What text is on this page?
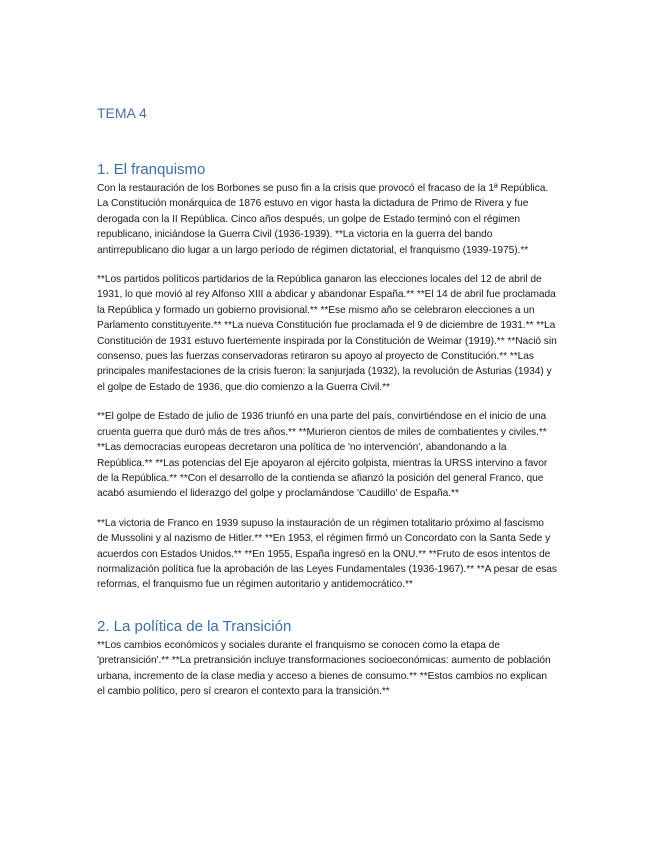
TEMA 4
1. El franquismo

Con la restauración de los Borbones se puso fin a la crisis que provocó el fracaso de la 1ª República. La Constitución monárquica de 1876 estuvo en vigor hasta la dictadura de Primo de Rivera y fue derogada con la II República. Cinco años después, un golpe de Estado terminó con el régimen republicano, iniciándose la Guerra Civil (1936-1939). **La victoria en la guerra del bando antirrepublicano dio lugar a un largo período de régimen dictatorial, el franquismo (1939-1975).**

**Los partidos políticos partidarios de la República ganaron las elecciones locales del 12 de abril de 1931, lo que movió al rey Alfonso XIII a abdicar y abandonar España.** **El 14 de abril fue proclamada la República y formado un gobierno provisional.** **Ese mismo año se celebraron elecciones a un Parlamento constituyente.** **La nueva Constitución fue proclamada el 9 de diciembre de 1931.** **La Constitución de 1931 estuvo fuertemente inspirada por la Constitución de Weimar (1919).** **Nació sin consenso, pues las fuerzas conservadoras retiraron su apoyo al proyecto de Constitución.** **Las principales manifestaciones de la crisis fueron: la sanjurjada (1932), la revolución de Asturias (1934) y el golpe de Estado de 1936, que dio comienzo a la Guerra Civil.**

**El golpe de Estado de julio de 1936 triunfó en una parte del país, convirtiéndose en el inicio de una cruenta guerra que duró más de tres años.** **Murieron cientos de miles de combatientes y civiles.** **Las democracias europeas decretaron una política de 'no intervención', abandonando a la República.** **Las potencias del Eje apoyaron al ejército golpista, mientras la URSS intervino a favor de la República.** **Con el desarrollo de la contienda se afianzó la posición del general Franco, que acabó asumiendo el liderazgo del golpe y proclamándose 'Caudillo' de España.**

**La victoria de Franco en 1939 supuso la instauración de un régimen totalitario próximo al fascismo de Mussolini y al nazismo de Hitler.** **En 1953, el régimen firmó un Concordato con la Santa Sede y acuerdos con Estados Unidos.** **En 1955, España ingresó en la ONU.** **Fruto de esos intentos de normalización política fue la aprobación de las Leyes Fundamentales (1936-1967).** **A pesar de esas reformas, el franquismo fue un régimen autoritario y antidemocrático.**

2. La política de la Transición

**Los cambios económicos y sociales durante el franquismo se conocen como la etapa de 'pretransición'.** **La pretransición incluye transformaciones socioeconómicas: aumento de población urbana, incremento de la clase media y acceso a bienes de consumo.** **Estos cambios no explican el cambio político, pero sí crearon el contexto para la transición.**
